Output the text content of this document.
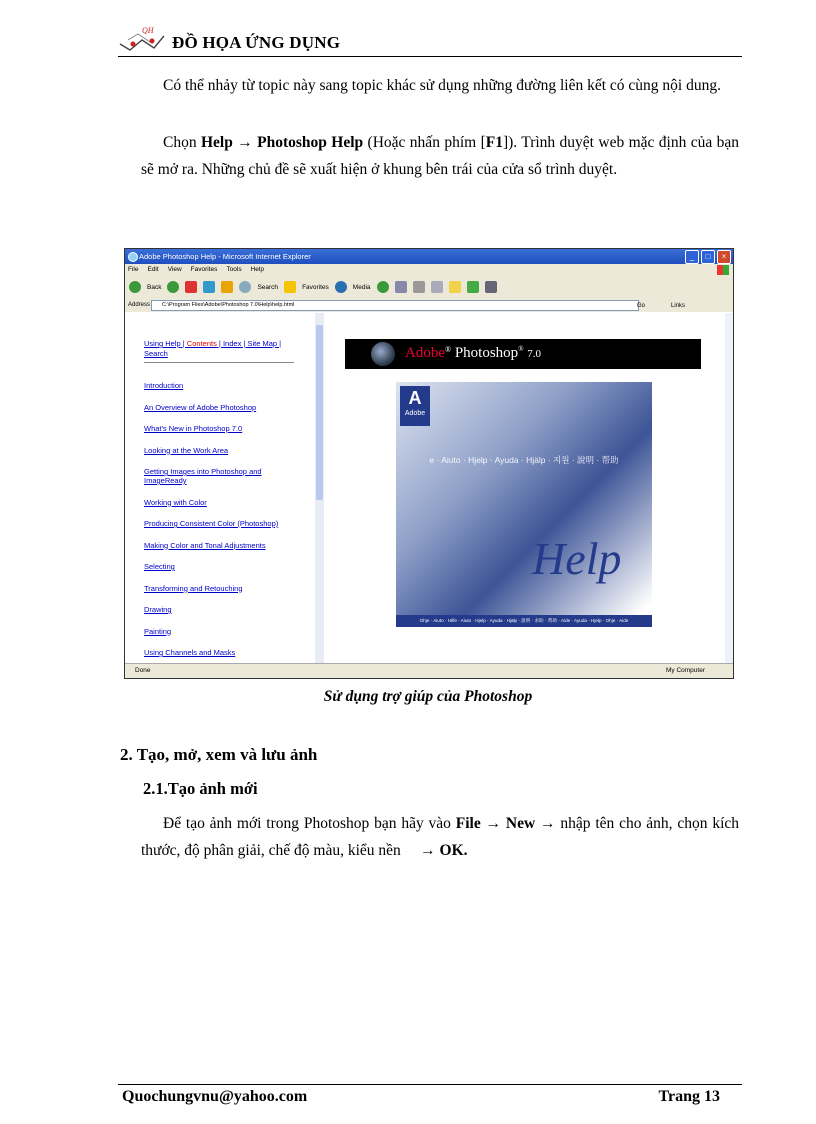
QH
ĐỒ HỌA ỨNG DỤNG
Có thể nhảy từ topic này sang topic khác sử dụng những đường liên kết có cùng nội dung.
Chọn Help → Photoshop Help (Hoặc nhấn phím [F1]). Trình duyệt web mặc định của bạn sẽ mở ra. Những chủ đề sẽ xuất hiện ở khung bên trái của cửa sổ trình duyệt.
Adobe Photoshop Help - Microsoft Internet Explorer	_	□	×
File Edit View Favorites Tools Help
Back	Search	Favorites	Media
Address	C:\Program Files\Adobe\Photoshop 7.0\Help\help.html	Go	Links
Using Help | Contents | Index | Site Map |
Search
Introduction
An Overview of Adobe Photoshop
What's New in Photoshop 7.0
Looking at the Work Area
Getting Images into Photoshop and ImageReady
Working with Color
Producing Consistent Color (Photoshop)
Making Color and Tonal Adjustments
Selecting
Transforming and Retouching
Drawing
Painting
Using Channels and Masks
Adobe® Photoshop® 7.0
A
Adobe
e · Aiuto · Hjelp · Ayuda · Hjälp · 지원 · 說明 · 帮助
Help
Ohje · Aiuto · Hilfe · Aiuto · Hjelp · Ayuda · Hjälp · 說明 · 求助 · 帮助 · Aide · Ayuda · Hjelp · Ohje · Aide
Done	My Computer
Sử dụng trợ giúp của Photoshop
2. Tạo, mở, xem và lưu ảnh
2.1.Tạo ảnh mới
Để tạo ảnh mới trong Photoshop bạn hãy vào File → New → nhập tên cho ảnh, chọn kích thước, độ phân giải, chế độ màu, kiểu nền → OK.
Quochungvnu@yahoo.com	Trang 13
